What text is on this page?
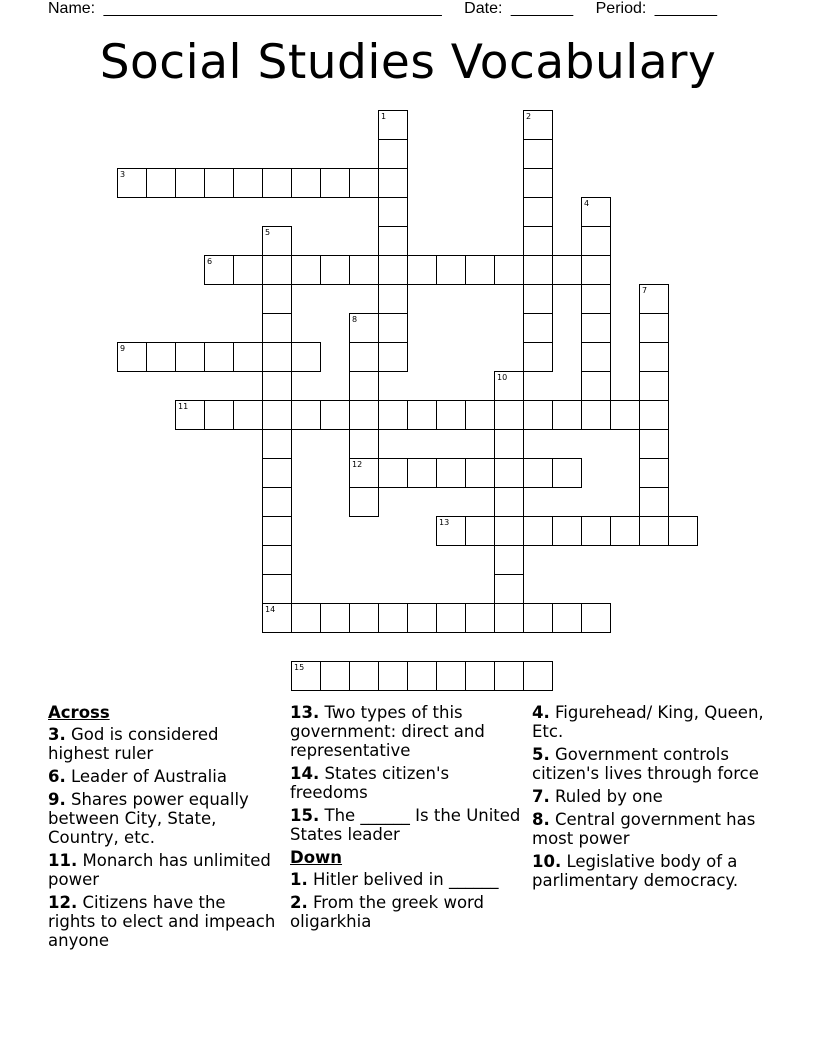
Name: ______________________________________ Date: _______ Period: _______
Social Studies Vocabulary
1	2
3
4
5
6
7
8
12
9
10
11
13
14
15
Across
3. God is considered highest ruler
6. Leader of Australia
9. Shares power equally between City, State, Country, etc.
11. Monarch has unlimited power
12. Citizens have the rights to elect and impeach anyone
13. Two types of this government: direct and representative
14. States citizen's freedoms
15. The ______ Is the United States leader
Down
1. Hitler belived in ______
2. From the greek word oligarkhia
4. Figurehead/ King, Queen, Etc.
5. Government controls citizen's lives through force
7. Ruled by one
8. Central government has most power
10. Legislative body of a parlimentary democracy.
